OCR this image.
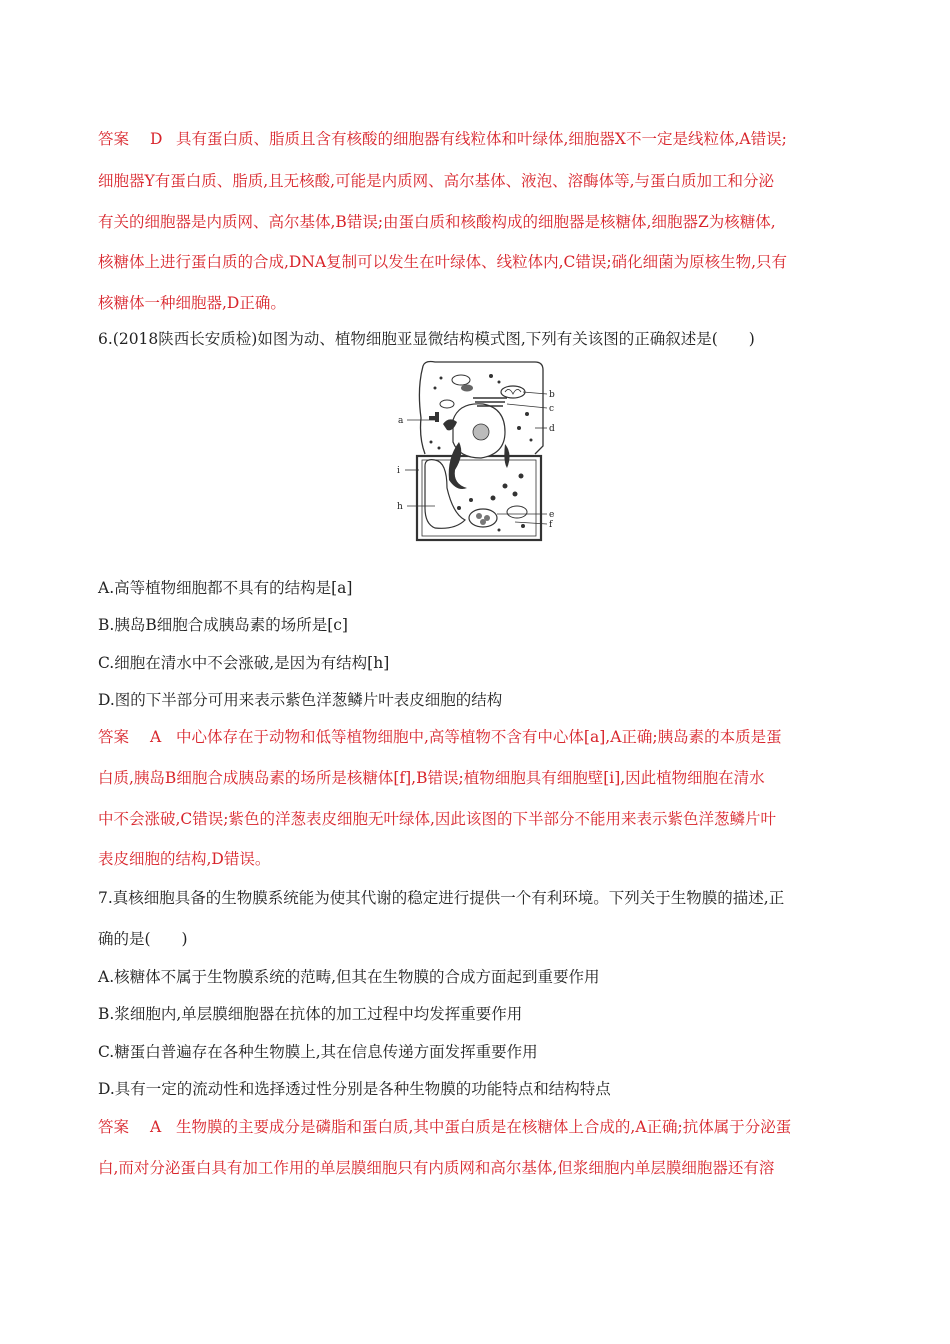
答案 D 具有蛋白质、脂质且含有核酸的细胞器有线粒体和叶绿体,细胞器X不一定是线粒体,A错误;
细胞器Y有蛋白质、脂质,且无核酸,可能是内质网、高尔基体、液泡、溶酶体等,与蛋白质加工和分泌
有关的细胞器是内质网、高尔基体,B错误;由蛋白质和核酸构成的细胞器是核糖体,细胞器Z为核糖体,
核糖体上进行蛋白质的合成,DNA复制可以发生在叶绿体、线粒体内,C错误;硝化细菌为原核生物,只有
核糖体一种细胞器,D正确。
6.(2018陕西长安质检)如图为动、植物细胞亚显微结构模式图,下列有关该图的正确叙述是(　　)
a
b
c
d
i
h
e
f
A.高等植物细胞都不具有的结构是[a]
B.胰岛B细胞合成胰岛素的场所是[c]
C.细胞在清水中不会涨破,是因为有结构[h]
D.图的下半部分可用来表示紫色洋葱鳞片叶表皮细胞的结构
答案 A 中心体存在于动物和低等植物细胞中,高等植物不含有中心体[a],A正确;胰岛素的本质是蛋
白质,胰岛B细胞合成胰岛素的场所是核糖体[f],B错误;植物细胞具有细胞壁[i],因此植物细胞在清水
中不会涨破,C错误;紫色的洋葱表皮细胞无叶绿体,因此该图的下半部分不能用来表示紫色洋葱鳞片叶
表皮细胞的结构,D错误。
7.真核细胞具备的生物膜系统能为使其代谢的稳定进行提供一个有利环境。下列关于生物膜的描述,正
确的是(　　)
A.核糖体不属于生物膜系统的范畴,但其在生物膜的合成方面起到重要作用
B.浆细胞内,单层膜细胞器在抗体的加工过程中均发挥重要作用
C.糖蛋白普遍存在各种生物膜上,其在信息传递方面发挥重要作用
D.具有一定的流动性和选择透过性分别是各种生物膜的功能特点和结构特点
答案 A 生物膜的主要成分是磷脂和蛋白质,其中蛋白质是在核糖体上合成的,A正确;抗体属于分泌蛋
白,而对分泌蛋白具有加工作用的单层膜细胞只有内质网和高尔基体,但浆细胞内单层膜细胞器还有溶
